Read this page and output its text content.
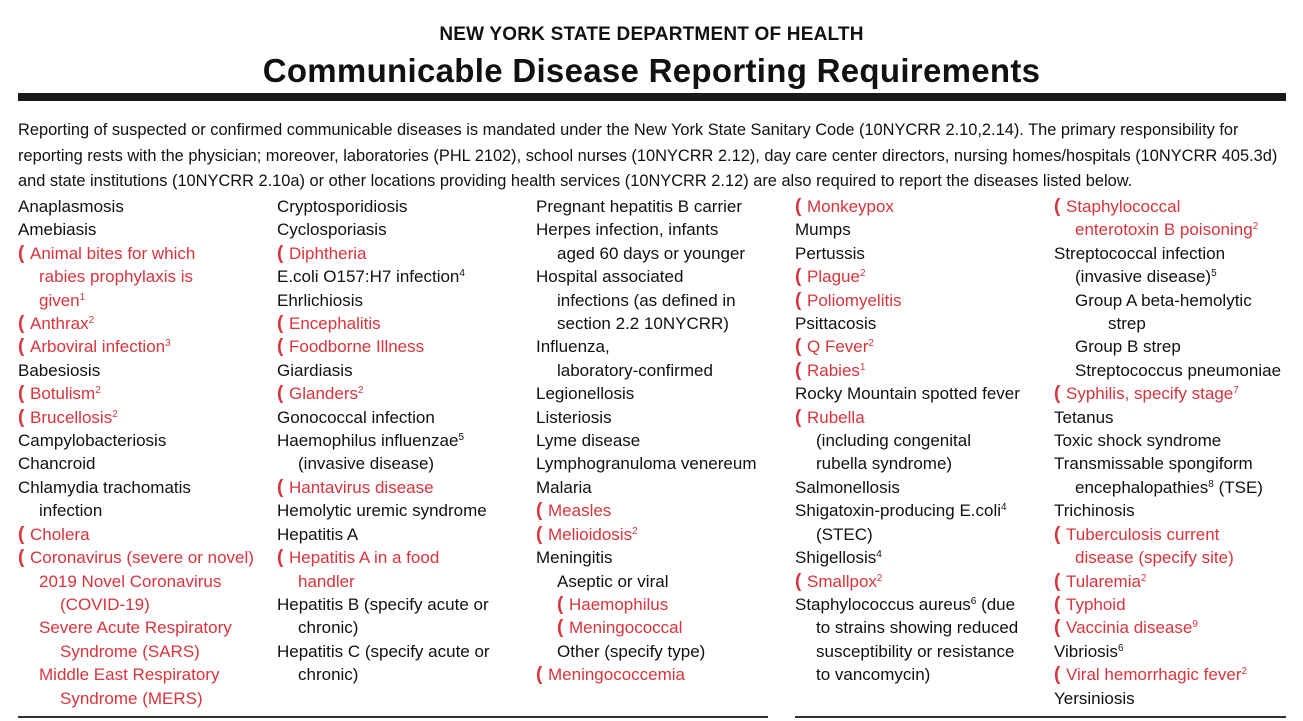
NEW YORK STATE DEPARTMENT OF HEALTH
Communicable Disease Reporting Requirements
Reporting of suspected or confirmed communicable diseases is mandated under the New York State Sanitary Code (10NYCRR 2.10,2.14). The primary responsibility for reporting rests with the physician; moreover, laboratories (PHL 2102), school nurses (10NYCRR 2.12), day care center directors, nursing homes/hospitals (10NYCRR 405.3d) and state institutions (10NYCRR 2.10a) or other locations providing health services (10NYCRR 2.12) are also required to report the diseases listed below.
Anaplasmosis
Amebiasis
( Animal bites for which
rabies prophylaxis is
given$^1$
( Anthrax$^2$
( Arboviral infection$^3$
Babesiosis
( Botulism$^2$
( Brucellosis$^2$
Campylobacteriosis
Chancroid
Chlamydia trachomatis
infection
( Cholera
( Coronavirus (severe or novel)
2019 Novel Coronavirus
(COVID-19)
Severe Acute Respiratory
Syndrome (SARS)
Middle East Respiratory
Syndrome (MERS)
Cryptosporidiosis
Cyclosporiasis
( Diphtheria
E.coli O157:H7 infection$^4$
Ehrlichiosis
( Encephalitis
( Foodborne Illness
Giardiasis
( Glanders$^2$
Gonococcal infection
Haemophilus influenzae$^5$
(invasive disease)
( Hantavirus disease
Hemolytic uremic syndrome
Hepatitis A
( Hepatitis A in a food
handler
Hepatitis B (specify acute or
chronic)
Hepatitis C (specify acute or
chronic)
Pregnant hepatitis B carrier
Herpes infection, infants
aged 60 days or younger
Hospital associated
infections (as defined in
section 2.2 10NYCRR)
Influenza,
laboratory-confirmed
Legionellosis
Listeriosis
Lyme disease
Lymphogranuloma venereum
Malaria
( Measles
( Melioidosis$^2$
Meningitis
Aseptic or viral
( Haemophilus
( Meningococcal
Other (specify type)
( Meningococcemia
( Monkeypox
Mumps
Pertussis
( Plague$^2$
( Poliomyelitis
Psittacosis
( Q Fever$^2$
( Rabies$^1$
Rocky Mountain spotted fever
( Rubella
(including congenital
rubella syndrome)
Salmonellosis
Shigatoxin-producing E.coli$^4$
(STEC)
Shigellosis$^4$
( Smallpox$^2$
Staphylococcus aureus$^6$ (due
to strains showing reduced
susceptibility or resistance
to vancomycin)
( Staphylococcal
enterotoxin B poisoning$^2$
Streptococcal infection
(invasive disease)$^5$
Group A beta-hemolytic
strep
Group B strep
Streptococcus pneumoniae
( Syphilis, specify stage$^7$
Tetanus
Toxic shock syndrome
Transmissable spongiform
encephalopathies$^8$ (TSE)
Trichinosis
( Tuberculosis current
disease (specify site)
( Tularemia$^2$
( Typhoid
( Vaccinia disease$^9$
Vibriosis$^6$
( Viral hemorrhagic fever$^2$
Yersiniosis
